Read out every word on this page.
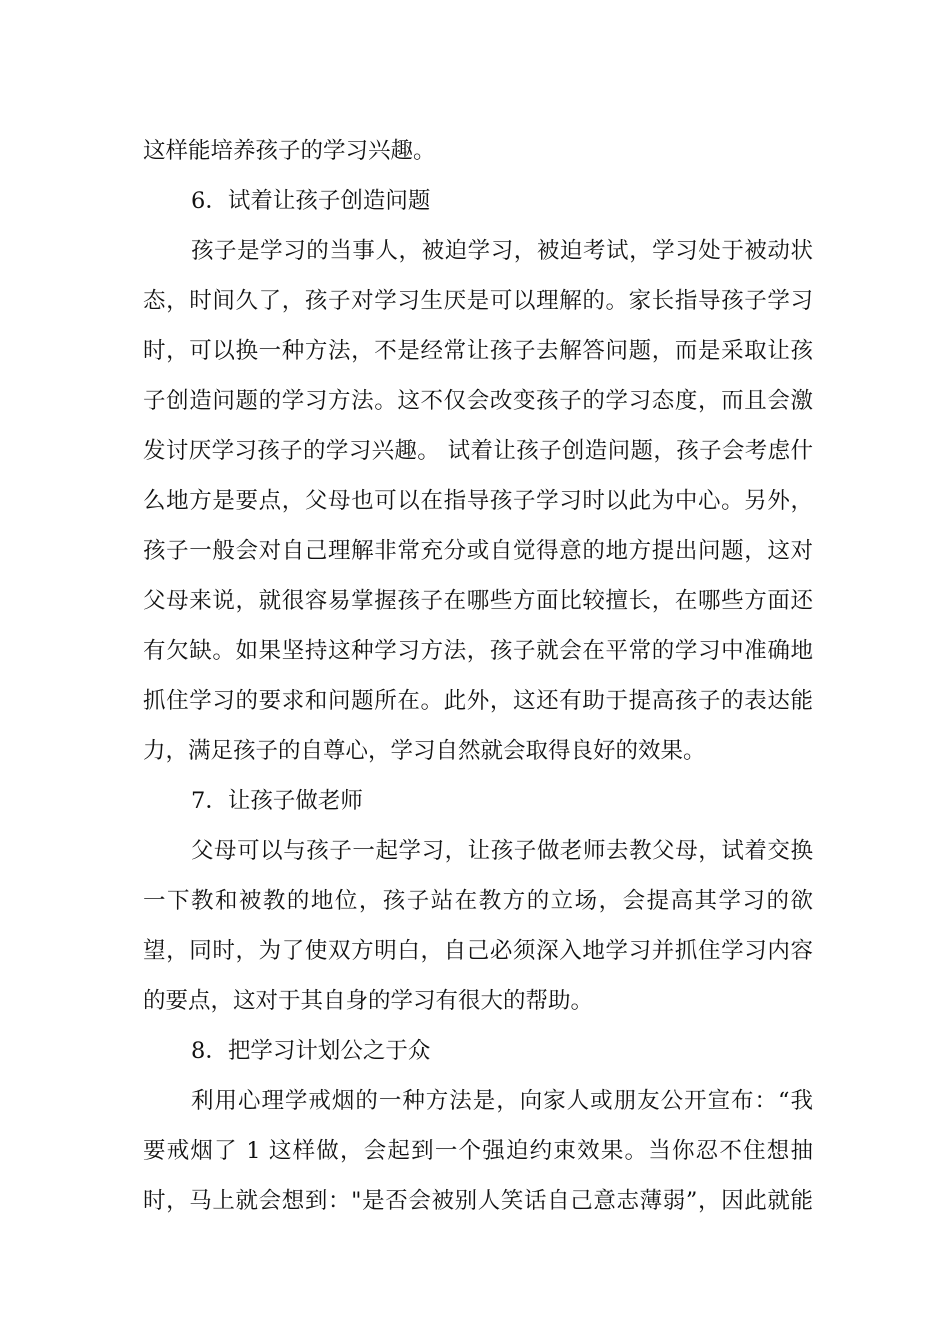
这样能培养孩子的学习兴趣。
6．试着让孩子创造问题
孩子是学习的当事人，被迫学习，被迫考试，学习处于被动状
态，时间久了，孩子对学习生厌是可以理解的。家长指导孩子学习
时，可以换一种方法，不是经常让孩子去解答问题，而是采取让孩
子创造问题的学习方法。这不仅会改变孩子的学习态度，而且会激
发讨厌学习孩子的学习兴趣。 试着让孩子创造问题，孩子会考虑什
么地方是要点，父母也可以在指导孩子学习时以此为中心。另外，
孩子一般会对自己理解非常充分或自觉得意的地方提出问题，这对
父母来说，就很容易掌握孩子在哪些方面比较擅长，在哪些方面还
有欠缺。如果坚持这种学习方法，孩子就会在平常的学习中准确地
抓住学习的要求和问题所在。此外，这还有助于提高孩子的表达能
力，满足孩子的自尊心，学习自然就会取得良好的效果。
7．让孩子做老师
父母可以与孩子一起学习，让孩子做老师去教父母，试着交换
一下教和被教的地位，孩子站在教方的立场，会提高其学习的欲
望，同时，为了使双方明白，自己必须深入地学习并抓住学习内容
的要点，这对于其自身的学习有很大的帮助。
8．把学习计划公之于众
利用心理学戒烟的一种方法是，向家人或朋友公开宣布：“我
要戒烟了 1 这样做，会起到一个强迫约束效果。当你忍不住想抽
时，马上就会想到："是否会被别人笑话自己意志薄弱”，因此就能
